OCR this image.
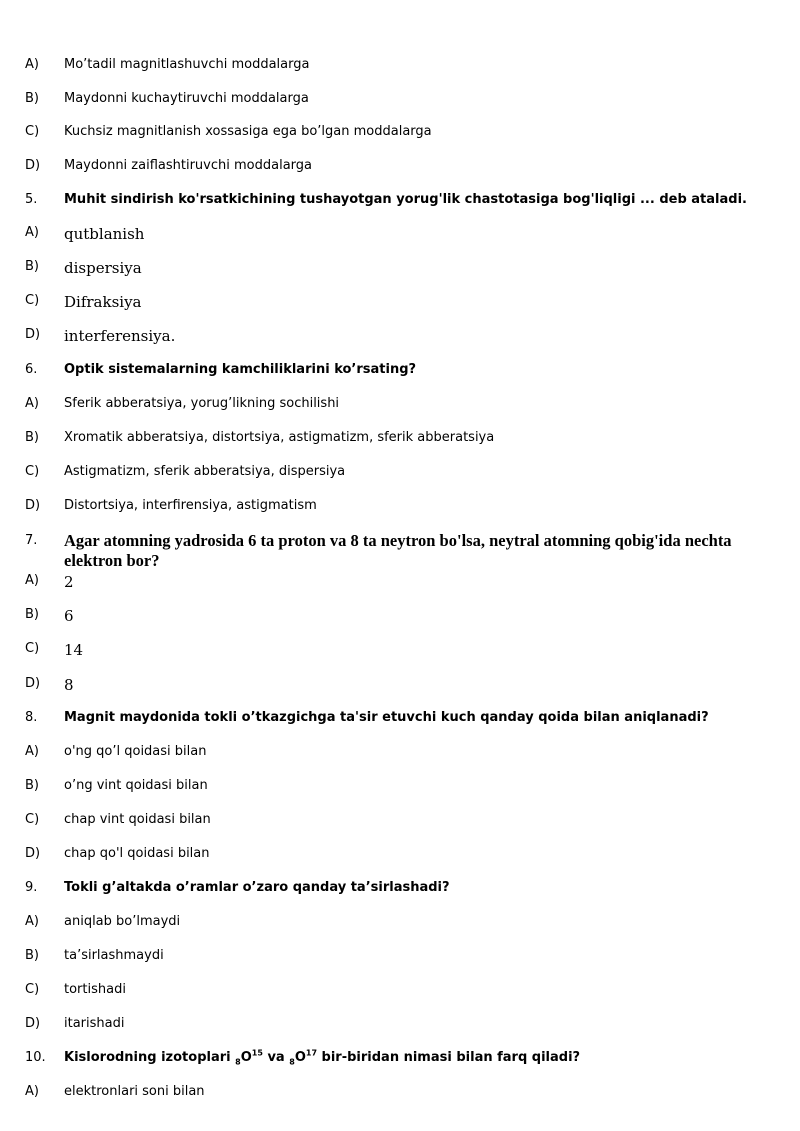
A) Mo’tadil magnitlashuvchi moddalarga
B) Maydonni kuchaytiruvchi moddalarga
C) Kuchsiz magnitlanish xossasiga ega bo’lgan moddalarga
D) Maydonni zaiflashtiruvchi moddalarga
5. Muhit sindirish ko'rsatkichining tushayotgan yorug'lik chastotasiga bog'liqligi ... deb ataladi.
A) qutblanish
B) dispersiya
C) Difraksiya
D) interferensiya.
6. Optik sistemalarning kamchiliklarini ko’rsating?
A) Sferik abberatsiya, yorug’likning sochilishi
B) Xromatik abberatsiya, distortsiya, astigmatizm, sferik abberatsiya
C) Astigmatizm, sferik abberatsiya, dispersiya
D) Distortsiya, interfirensiya, astigmatism
7. Agar atomning yadrosida 6 ta proton va 8 ta neytron bo'lsa, neytral atomning qobig'ida nechta elektron bor?
A) 2
B) 6
C) 14
D) 8
8. Magnit maydonida tokli o’tkazgichga ta'sir etuvchi kuch qanday qoida bilan aniqlanadi?
A) o'ng qo’l qoidasi bilan
B) o’ng vint qoidasi bilan
C) chap vint qoidasi bilan
D) chap qo'l qoidasi bilan
9. Tokli g’altakda o’ramlar o’zaro qanday ta’sirlashadi?
A) aniqlab bo’lmaydi
B) ta’sirlashmaydi
C) tortishadi
D) itarishadi
10. Kislorodning izotoplari $_8O^{15}$ va $_8O^{17}$ bir-biridan nimasi bilan farq qiladi?
A) elektronlari soni bilan
